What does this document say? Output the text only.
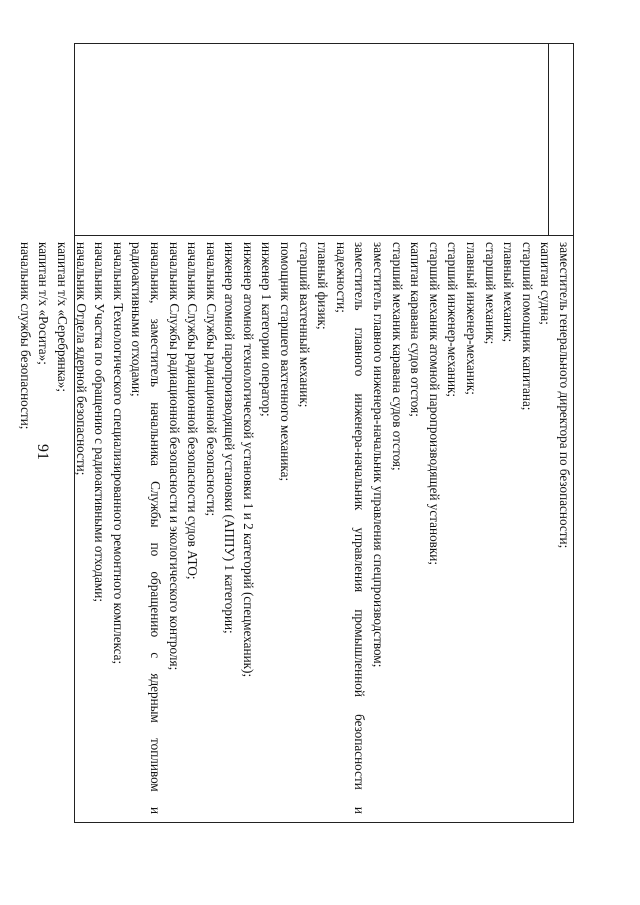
91	заместитель генерального директора по безопасности;
капитан судна;
старший помощник капитана;
главный механик;
старший механик;
главный инженер-механик;
старший инженер-механик;
старший механик атомной паропроизводящей установки;
капитан каравана судов отстоя;
старший механик каравана судов отстоя;
заместитель главного инженера-начальник управления спецпроизводством;
заместитель главного инженера-начальник управления промышленной безопасности и
надежности;
главный физик;
старший вахтенный механик;
помощник старшего вахтенного механика;
инженер 1 категории оператор;
инженер атомной технологической установки 1 и 2 категорий (спецмеханик);
инженер атомной паропроизводящей установки (АППУ) 1 категории;
начальник Службы радиационной безопасности;
начальник Службы радиационной безопасности судов АТО;
начальник Службы радиационной безопасности и экологического контроля;
начальник, заместитель начальника Службы по обращению с ядерным топливом и
радиоактивными отходами;
начальник Технологического специализированного ремонтного комплекса;
начальник Участка по обращению с радиоактивными отходами;
начальник Отдела ядерной безопасности;
капитан т/х «Серебрянка»;
капитан т/х «Росита»;
начальник службы безопасности;
